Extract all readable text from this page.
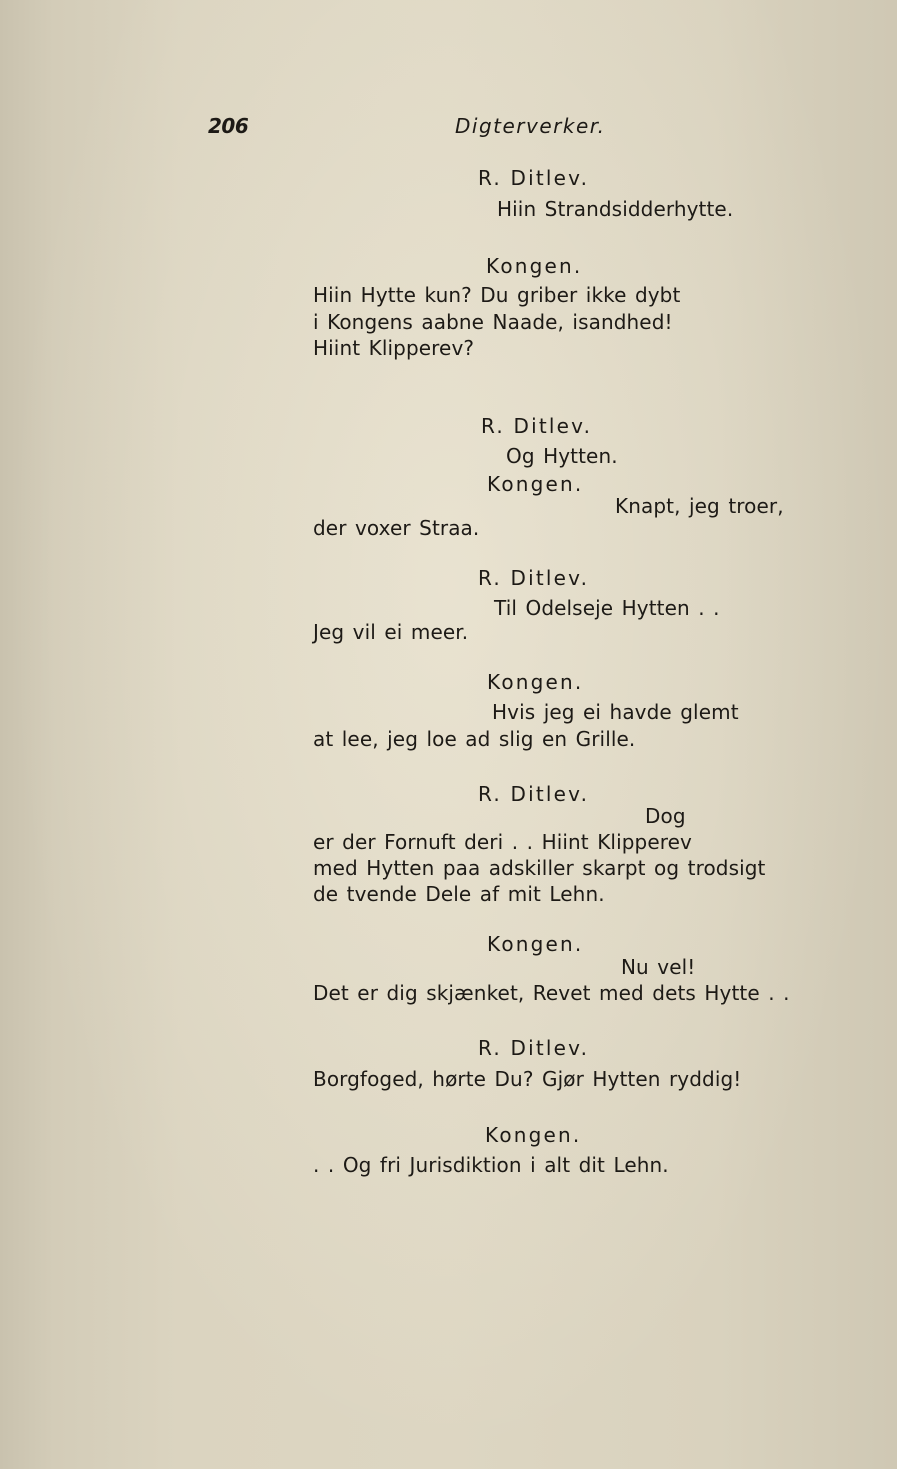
206	Digterverker.
R. Ditlev.
Hiin Strandsidderhytte.
Kongen.
Hiin Hytte kun? Du griber ikke dybt
i Kongens aabne Naade, isandhed!
Hiint Klipperev?
R. Ditlev.
Og Hytten.
Kongen.
Knapt, jeg troer,
der voxer Straa.
R. Ditlev.
Til Odelseje Hytten . .
Jeg vil ei meer.
Kongen.
Hvis jeg ei havde glemt
at lee, jeg loe ad slig en Grille.
R. Ditlev.
Dog
er der Fornuft deri . . Hiint Klipperev
med Hytten paa adskiller skarpt og trodsigt
de tvende Dele af mit Lehn.
Kongen.
Nu vel!
Det er dig skjænket, Revet med dets Hytte . .
R. Ditlev.
Borgfoged, hørte Du? Gjør Hytten ryddig!
Kongen.
. . Og fri Jurisdiktion i alt dit Lehn.
